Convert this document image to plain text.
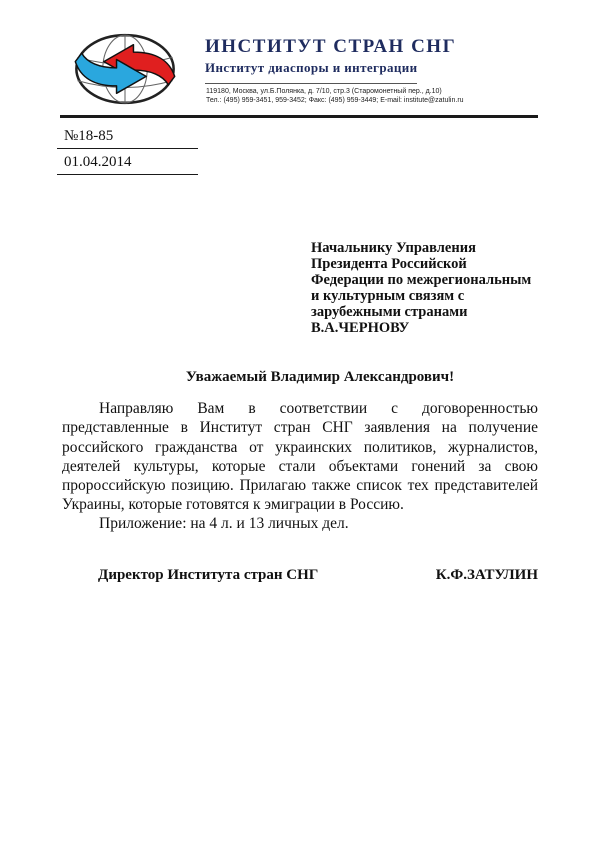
ИНСТИТУТ СТРАН СНГ
Институт диаспоры и интеграции
119180, Москва, ул.Б.Полянка, д. 7/10, стр.3 (Старомонетный пер., д.10)
Тел.: (495) 959-3451, 959-3452; Факс: (495) 959-3449; E-mail: institute@zatulin.ru
№18-85
01.04.2014
Начальнику Управления
Президента Российской
Федерации по межрегиональным
и культурным связям с
зарубежными странами
В.А.ЧЕРНОВУ
Уважаемый Владимир Александрович!

Направляю Вам в соответствии с договоренностью представленные в Институт стран СНГ заявления на получение российского гражданства от украинских политиков, журналистов, деятелей культуры, которые стали объектами гонений за свою пророссийскую позицию. Прилагаю также список тех представителей Украины, которые готовятся к эмиграции в Россию.

Приложение: на 4 л. и 13 личных дел.

Директор Института стран СНГ	К.Ф.ЗАТУЛИН
